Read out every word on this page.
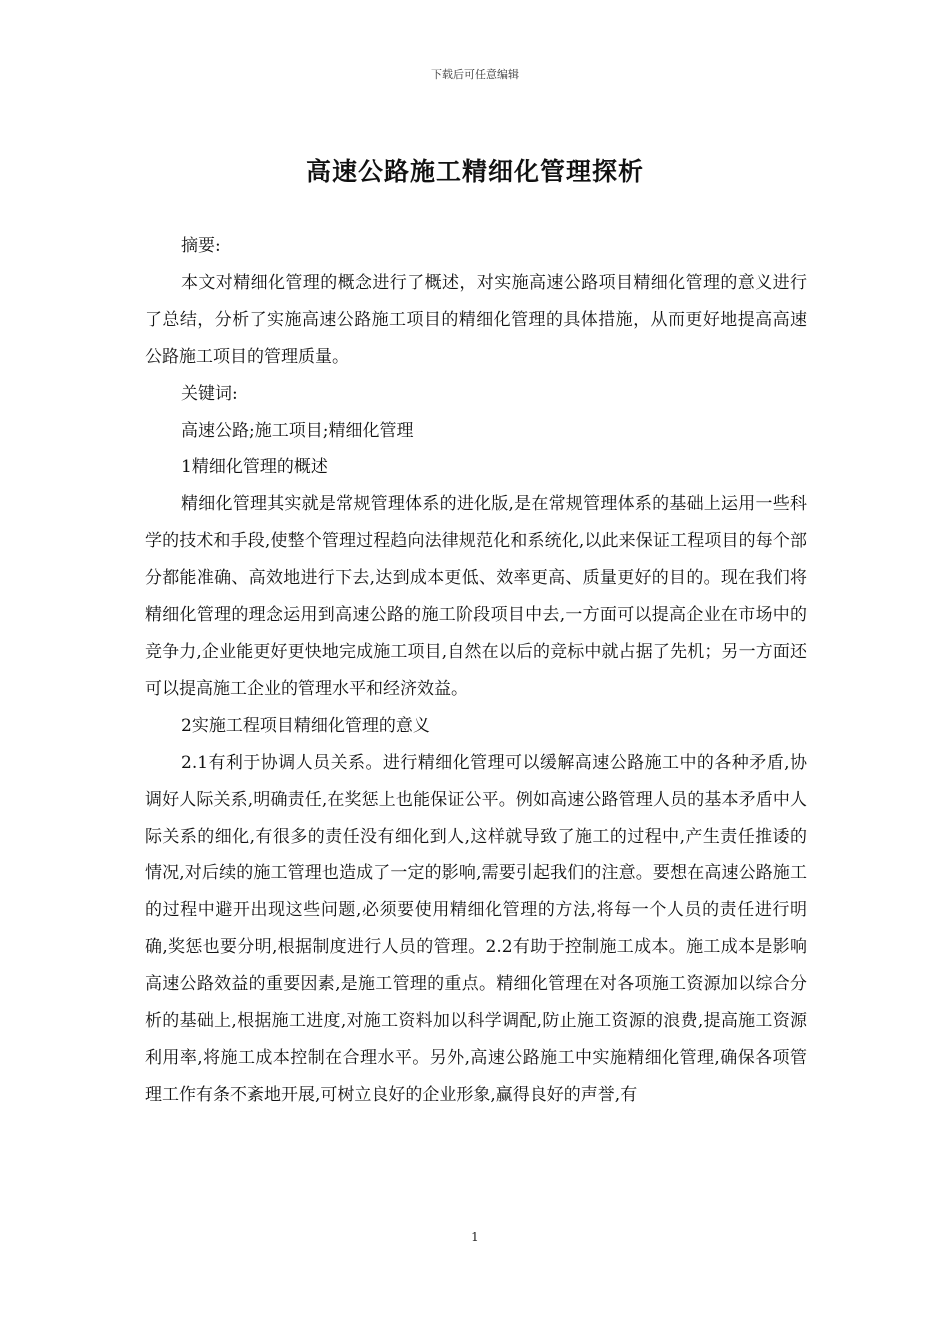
下载后可任意编辑
高速公路施工精细化管理探析

摘要:

本文对精细化管理的概念进行了概述，对实施高速公路项目精细化管理的意义进行了总结，分析了实施高速公路施工项目的精细化管理的具体措施，从而更好地提高高速公路施工项目的管理质量。

关键词:

高速公路;施工项目;精细化管理

1精细化管理的概述

精细化管理其实就是常规管理体系的进化版,是在常规管理体系的基础上运用一些科学的技术和手段,使整个管理过程趋向法律规范化和系统化,以此来保证工程项目的每个部分都能准确、高效地进行下去,达到成本更低、效率更高、质量更好的目的。现在我们将精细化管理的理念运用到高速公路的施工阶段项目中去,一方面可以提高企业在市场中的竞争力,企业能更好更快地完成施工项目,自然在以后的竞标中就占据了先机；另一方面还可以提高施工企业的管理水平和经济效益。

2实施工程项目精细化管理的意义

2.1有利于协调人员关系。进行精细化管理可以缓解高速公路施工中的各种矛盾,协调好人际关系,明确责任,在奖惩上也能保证公平。例如高速公路管理人员的基本矛盾中人际关系的细化,有很多的责任没有细化到人,这样就导致了施工的过程中,产生责任推诿的情况,对后续的施工管理也造成了一定的影响,需要引起我们的注意。要想在高速公路施工的过程中避开出现这些问题,必须要使用精细化管理的方法,将每一个人员的责任进行明确,奖惩也要分明,根据制度进行人员的管理。2.2有助于控制施工成本。施工成本是影响高速公路效益的重要因素,是施工管理的重点。精细化管理在对各项施工资源加以综合分析的基础上,根据施工进度,对施工资料加以科学调配,防止施工资源的浪费,提高施工资源利用率,将施工成本控制在合理水平。另外,高速公路施工中实施精细化管理,确保各项管理工作有条不紊地开展,可树立良好的企业形象,赢得良好的声誉,有

1
